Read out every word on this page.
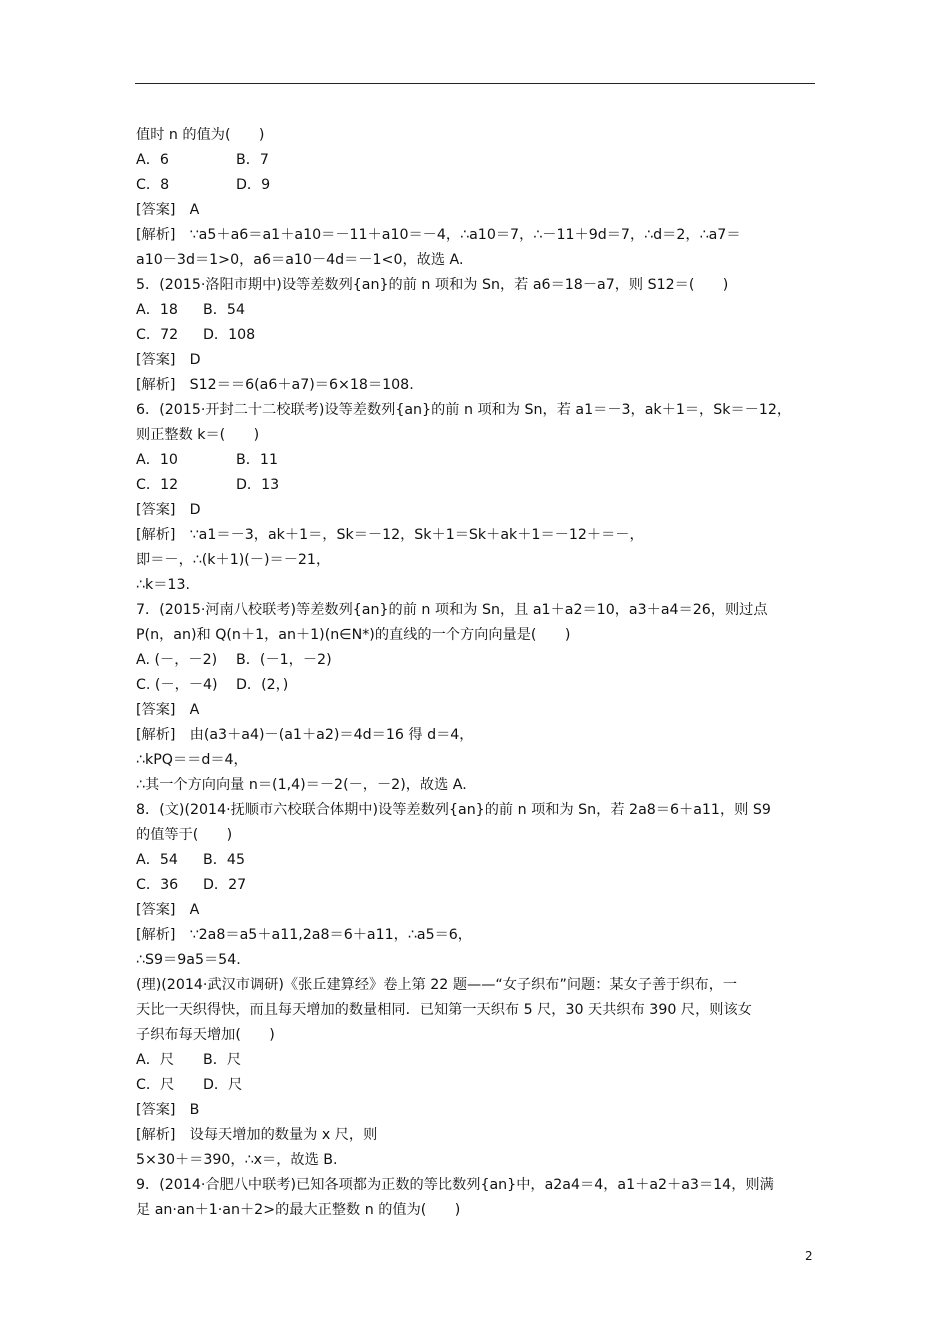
值时 n 的值为(　　)
A．6	B．7
C．8	D．9
[答案]　A
[解析]　∵a5＋a6＝a1＋a10＝－11＋a10＝－4，∴a10＝7，∴－11＋9d＝7，∴d＝2，∴a7＝
a10－3d＝1>0，a6＝a10－4d＝－1<0，故选 A.
5．(2015·洛阳市期中)设等差数列{an}的前 n 项和为 Sn，若 a6＝18－a7，则 S12＝(　　)
A．18 B．54
C．72 D．108
[答案]　D
[解析]　S12＝＝6(a6＋a7)＝6×18＝108.
6．(2015·开封二十二校联考)设等差数列{an}的前 n 项和为 Sn，若 a1＝－3，ak＋1＝，Sk＝－12，
则正整数 k＝(　　)
A．10	B．11
C．12	D．13
[答案]　D
[解析]　∵a1＝－3，ak＋1＝，Sk＝－12，Sk＋1＝Sk＋ak＋1＝－12＋＝－，
即＝－，∴(k＋1)(－)＝－21，
∴k＝13.
7．(2015·河南八校联考)等差数列{an}的前 n 项和为 Sn，且 a1＋a2＝10，a3＋a4＝26，则过点
P(n，an)和 Q(n＋1，an＋1)(n∈N*)的直线的一个方向向量是(　　)
A. (－，－2) B．(－1，－2)
C. (－，－4) D．(2，)
[答案]　A
[解析]　由(a3＋a4)－(a1＋a2)＝4d＝16 得 d＝4，
∴kPQ＝＝d＝4，
∴其一个方向向量 n＝(1,4)＝－2(－，－2)，故选 A.
8．(文)(2014·抚顺市六校联合体期中)设等差数列{an}的前 n 项和为 Sn，若 2a8＝6＋a11，则 S9
的值等于(　　)
A．54 B．45
C．36 D．27
[答案]　A
[解析]　∵2a8＝a5＋a11,2a8＝6＋a11，∴a5＝6，
∴S9＝9a5＝54.
(理)(2014·武汉市调研)《张丘建算经》卷上第 22 题——“女子织布”问题：某女子善于织布，一
天比一天织得快，而且每天增加的数量相同．已知第一天织布 5 尺，30 天共织布 390 尺，则该女
子织布每天增加(　　)
A．尺 B．尺
C．尺 D．尺
[答案]　B
[解析]　设每天增加的数量为 x 尺，则
5×30＋＝390，∴x＝，故选 B.
9．(2014·合肥八中联考)已知各项都为正数的等比数列{an}中，a2a4＝4，a1＋a2＋a3＝14，则满
足 an·an＋1·an＋2>的最大正整数 n 的值为(　　)
2
